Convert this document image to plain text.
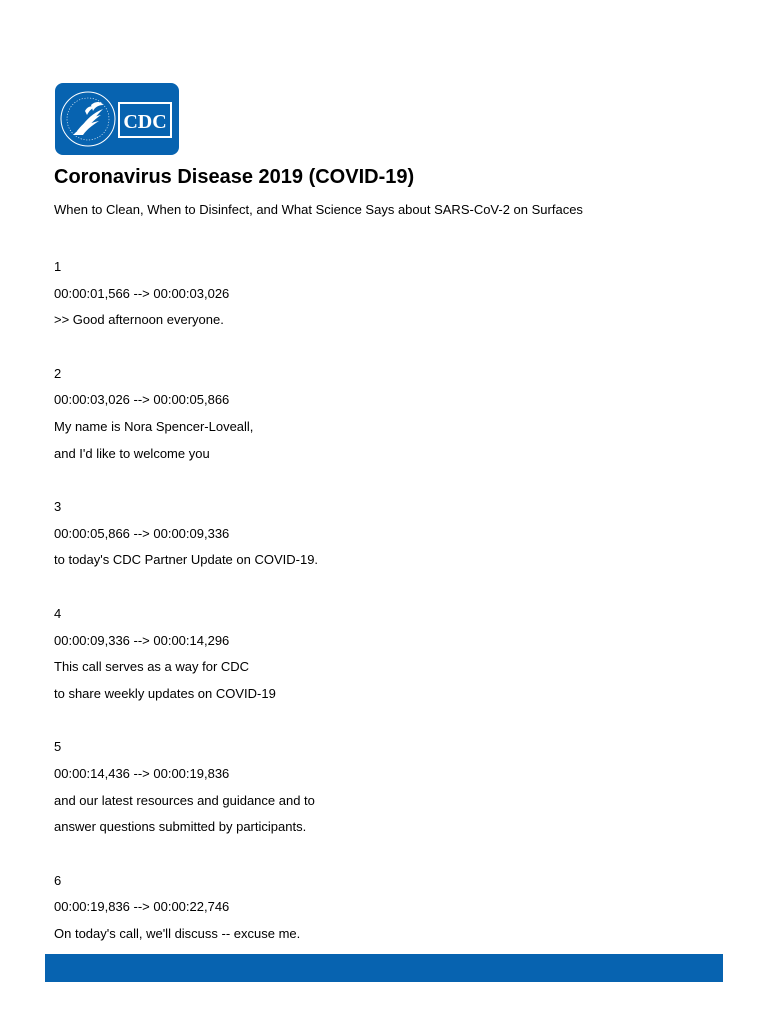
CDC
Coronavirus Disease 2019 (COVID-19)

When to Clean, When to Disinfect, and What Science Says about SARS-CoV-2 on Surfaces

1
00:00:01,566 --> 00:00:03,026
>> Good afternoon everyone.
2
00:00:03,026 --> 00:00:05,866
My name is Nora Spencer-Loveall,
and I'd like to welcome you
3
00:00:05,866 --> 00:00:09,336
to today's CDC Partner Update on COVID-19.
4
00:00:09,336 --> 00:00:14,296
This call serves as a way for CDC
to share weekly updates on COVID-19
5
00:00:14,436 --> 00:00:19,836
and our latest resources and guidance and to
answer questions submitted by participants.
6
00:00:19,836 --> 00:00:22,746
On today's call, we'll discuss -- excuse me.
